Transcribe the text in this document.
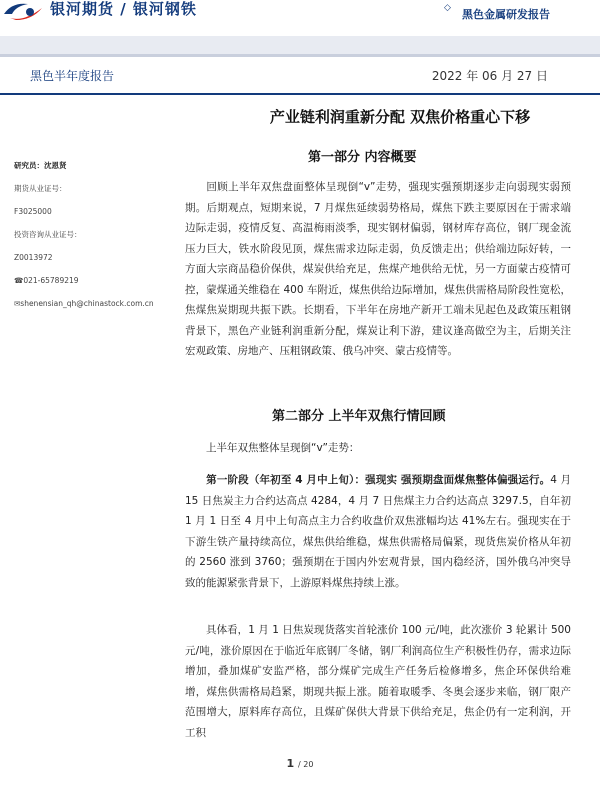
银河期货 / 银河钢铁	◇ 黑色金属研发报告
黑色半年度报告	2022 年 06 月 27 日
产业链利润重新分配 双焦价格重心下移
第一部分 内容概要
研究员：沈恩贤
期货从业证号：
F3025000
投资咨询从业证号：
Z0013972
☎021-65789219
✉shenensian_qh@chinastock.com.cn
回顾上半年双焦盘面整体呈现倒“v”走势，强现实强预期逐步走向弱现实弱预期。后期观点，短期来说，7 月煤焦延续弱势格局，煤焦下跌主要原因在于需求端边际走弱，疫情反复、高温梅雨淡季，现实钢材偏弱，钢材库存高位，钢厂现金流压力巨大，铁水阶段见顶，煤焦需求边际走弱，负反馈走出；供给端边际好转，一方面大宗商品稳价保供，煤炭供给充足，焦煤产地供给无忧，另一方面蒙古疫情可控，蒙煤通关维稳在 400 车附近，煤焦供给边际增加，煤焦供需格局阶段性宽松，焦煤焦炭期现共振下跌。长期看，下半年在房地产新开工端未见起色及政策压粗钢背景下，黑色产业链利润重新分配，煤炭让利下游，建议逢高做空为主，后期关注宏观政策、房地产、压粗钢政策、俄乌冲突、蒙古疫情等。
第二部分 上半年双焦行情回顾
上半年双焦整体呈现倒“v”走势：
第一阶段（年初至 4 月中上旬）：强现实 强预期盘面煤焦整体偏强运行。4 月 15 日焦炭主力合约达高点 4284，4 月 7 日焦煤主力合约达高点 3297.5，自年初 1 月 1 日至 4 月中上旬高点主力合约收盘价双焦涨幅均达 41%左右。强现实在于下游生铁产量持续高位，煤焦供给维稳，煤焦供需格局偏紧，现货焦炭价格从年初的 2560 涨到 3760；强预期在于国内外宏观背景，国内稳经济，国外俄乌冲突导致的能源紧张背景下，上游原料煤焦持续上涨。
具体看，1 月 1 日焦炭现货落实首轮涨价 100 元/吨，此次涨价 3 轮累计 500 元/吨，涨价原因在于临近年底钢厂冬储，钢厂利润高位生产积极性仍存，需求边际增加，叠加煤矿安监严格，部分煤矿完成生产任务后检修增多，焦企环保供给难增，煤焦供需格局趋紧，期现共振上涨。随着取暖季、冬奥会逐步来临，钢厂限产范围增大，原料库存高位，且煤矿保供大背景下供给充足，焦企仍有一定利润，开工积
1 / 20
